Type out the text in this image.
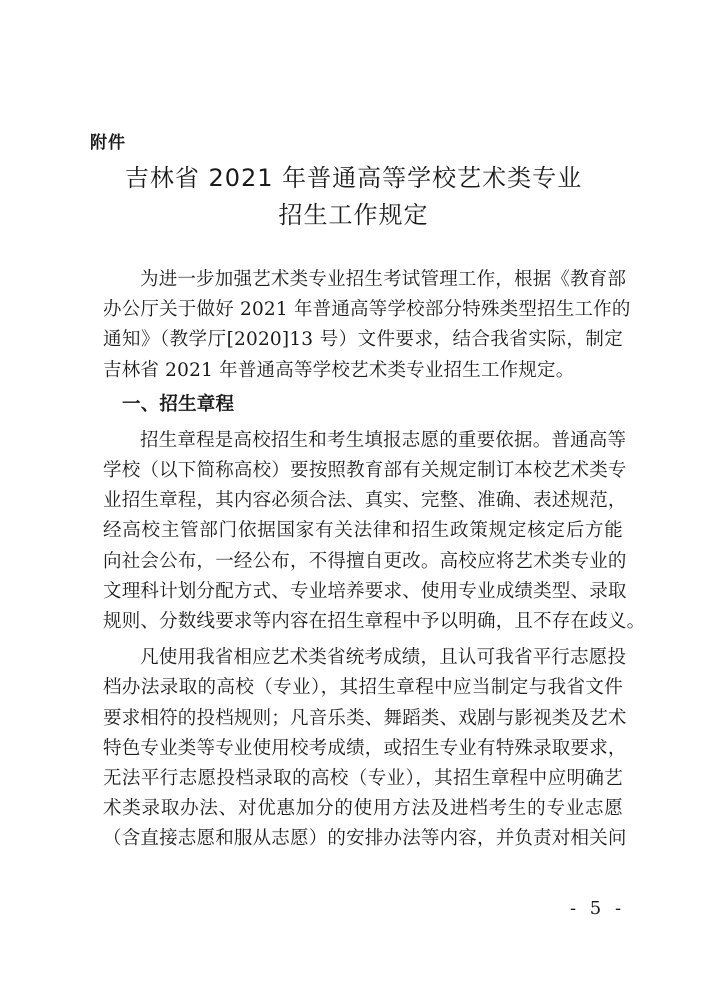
附件
吉林省 2021 年普通高等学校艺术类专业
招生工作规定

为进一步加强艺术类专业招生考试管理工作，根据《教育部
办公厅关于做好 2021 年普通高等学校部分特殊类型招生工作的
通知》（教学厅[2020]13 号）文件要求，结合我省实际，制定
吉林省 2021 年普通高等学校艺术类专业招生工作规定。

一、招生章程

招生章程是高校招生和考生填报志愿的重要依据。普通高等
学校（以下简称高校）要按照教育部有关规定制订本校艺术类专
业招生章程，其内容必须合法、真实、完整、准确、表述规范，
经高校主管部门依据国家有关法律和招生政策规定核定后方能
向社会公布，一经公布，不得擅自更改。高校应将艺术类专业的
文理科计划分配方式、专业培养要求、使用专业成绩类型、录取
规则、分数线要求等内容在招生章程中予以明确，且不存在歧义。

凡使用我省相应艺术类省统考成绩，且认可我省平行志愿投
档办法录取的高校（专业），其招生章程中应当制定与我省文件
要求相符的投档规则；凡音乐类、舞蹈类、戏剧与影视类及艺术
特色专业类等专业使用校考成绩，或招生专业有特殊录取要求，
无法平行志愿投档录取的高校（专业），其招生章程中应明确艺
术类录取办法、对优惠加分的使用方法及进档考生的专业志愿
（含直接志愿和服从志愿）的安排办法等内容，并负责对相关问

- 5 -
